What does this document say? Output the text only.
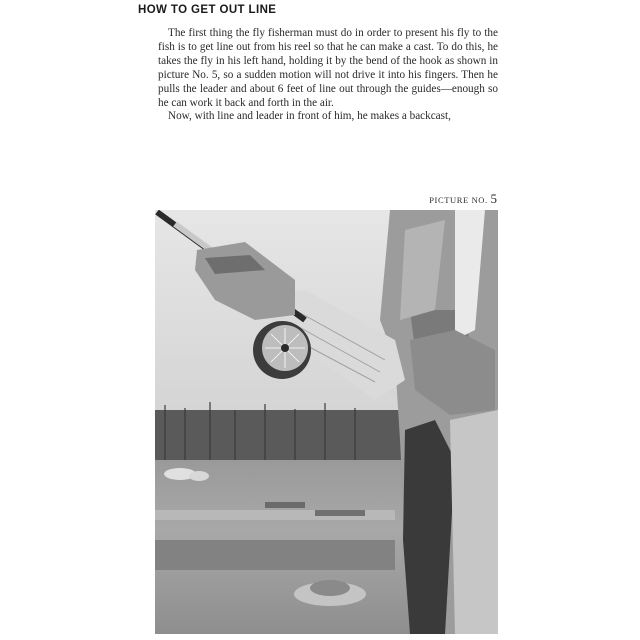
HOW TO GET OUT LINE

The first thing the fly fisherman must do in order to present his fly to the fish is to get line out from his reel so that he can make a cast. To do this, he takes the fly in his left hand, holding it by the bend of the hook as shown in picture No. 5, so a sudden motion will not drive it into his fingers. Then he pulls the leader and about 6 feet of line out through the guides—enough so he can work it back and forth in the air.

Now, with line and leader in front of him, he makes a backcast,

PICTURE NO. 5
